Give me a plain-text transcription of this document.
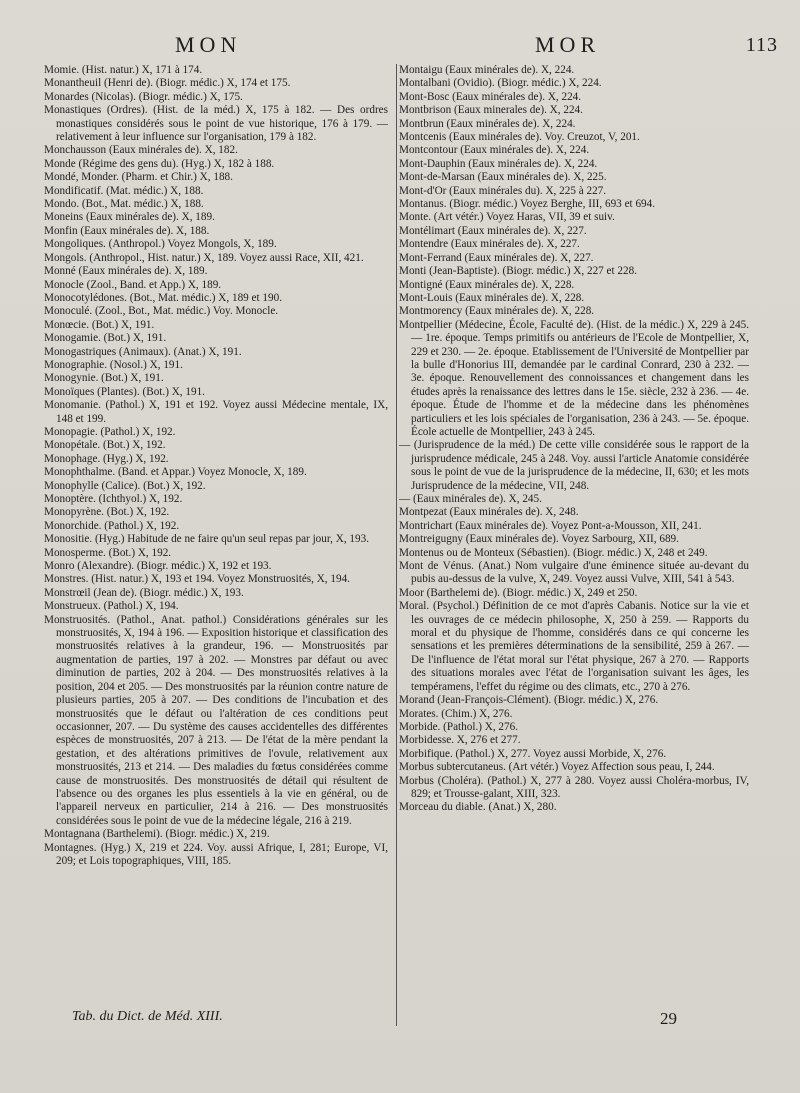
MON	MOR	113

Momie. (Hist. natur.) X, 171 à 174.

Monantheuil (Henri de). (Biogr. médic.) X, 174 et 175.

Monardes (Nicolas). (Biogr. médic.) X, 175.

Monastiques (Ordres). (Hist. de la méd.) X, 175 à 182. — Des ordres monastiques considérés sous le point de vue historique, 176 à 179. — relativement à leur influence sur l'organisation, 179 à 182.

Monchausson (Eaux minérales de). X, 182.

Monde (Régime des gens du). (Hyg.) X, 182 à 188.

Mondé, Monder. (Pharm. et Chir.) X, 188.

Mondificatif. (Mat. médic.) X, 188.

Mondo. (Bot., Mat. médic.) X, 188.

Moneins (Eaux minérales de). X, 189.

Monfin (Eaux minérales de). X, 188.

Mongoliques. (Anthropol.) Voyez Mongols, X, 189.

Mongols. (Anthropol., Hist. natur.) X, 189. Voyez aussi Race, XII, 421.

Monné (Eaux minérales de). X, 189.

Monocle (Zool., Band. et App.) X, 189.

Monocotylédones. (Bot., Mat. médic.) X, 189 et 190.

Monoculé. (Zool., Bot., Mat. médic.) Voy. Monocle.

Monœcie. (Bot.) X, 191.

Monogamie. (Bot.) X, 191.

Monogastriques (Animaux). (Anat.) X, 191.

Monographie. (Nosol.) X, 191.

Monogynie. (Bot.) X, 191.

Monoïques (Plantes). (Bot.) X, 191.

Monomanie. (Pathol.) X, 191 et 192. Voyez aussi Médecine mentale, IX, 148 et 199.

Monopagie. (Pathol.) X, 192.

Monopétale. (Bot.) X, 192.

Monophage. (Hyg.) X, 192.

Monophthalme. (Band. et Appar.) Voyez Monocle, X, 189.

Monophylle (Calice). (Bot.) X, 192.

Monoptère. (Ichthyol.) X, 192.

Monopyrène. (Bot.) X, 192.

Monorchide. (Pathol.) X, 192.

Monositie. (Hyg.) Habitude de ne faire qu'un seul repas par jour, X, 193.

Monosperme. (Bot.) X, 192.

Monro (Alexandre). (Biogr. médic.) X, 192 et 193.

Monstres. (Hist. natur.) X, 193 et 194. Voyez Monstruosités, X, 194.

Monstrœil (Jean de). (Biogr. médic.) X, 193.

Monstrueux. (Pathol.) X, 194.

Monstruosités. (Pathol., Anat. pathol.) Considérations générales sur les monstruosités, X, 194 à 196. — Exposition historique et classification des monstruosités relatives à la grandeur, 196. — Monstruosités par augmentation de parties, 197 à 202. — Monstres par défaut ou avec diminution de parties, 202 à 204. — Des monstruosités relatives à la position, 204 et 205. — Des monstruosités par la réunion contre nature de plusieurs parties, 205 à 207. — Des conditions de l'incubation et des monstruosités que le défaut ou l'altération de ces conditions peut occasionner, 207. — Du système des causes accidentelles des différentes espèces de monstruosités, 207 à 213. — De l'état de la mère pendant la gestation, et des altérations primitives de l'ovule, relativement aux monstruosités, 213 et 214. — Des maladies du fœtus considérées comme cause de monstruosités. Des monstruosités de détail qui résultent de l'absence ou des organes les plus essentiels à la vie en général, ou de l'appareil nerveux en particulier, 214 à 216. — Des monstruosités considérées sous le point de vue de la médecine légale, 216 à 219.

Montagnana (Barthelemi). (Biogr. médic.) X, 219.

Montagnes. (Hyg.) X, 219 et 224. Voy. aussi Afrique, I, 281; Europe, VI, 209; et Lois topographiques, VIII, 185.

Montaigu (Eaux minérales de). X, 224.

Montalbani (Ovidio). (Biogr. médic.) X, 224.

Mont-Bosc (Eaux minérales de). X, 224.

Montbrison (Eaux minerales de). X, 224.

Montbrun (Eaux minérales de). X, 224.

Montcenis (Eaux minérales de). Voy. Creuzot, V, 201.

Montcontour (Eaux minérales de). X, 224.

Mont-Dauphin (Eaux minérales de). X, 224.

Mont-de-Marsan (Eaux minérales de). X, 225.

Mont-d'Or (Eaux minérales du). X, 225 à 227.

Montanus. (Biogr. médic.) Voyez Berghe, III, 693 et 694.

Monte. (Art vétér.) Voyez Haras, VII, 39 et suiv.

Montélimart (Eaux minérales de). X, 227.

Montendre (Eaux minérales de). X, 227.

Mont-Ferrand (Eaux minérales de). X, 227.

Monti (Jean-Baptiste). (Biogr. médic.) X, 227 et 228.

Montigné (Eaux minérales de). X, 228.

Mont-Louis (Eaux minérales de). X, 228.

Montmorency (Eaux minérales de). X, 228.

Montpellier (Médecine, École, Faculté de). (Hist. de la médic.) X, 229 à 245. — 1re. époque. Temps primitifs ou antérieurs de l'Ecole de Montpellier, X, 229 et 230. — 2e. époque. Etablissement de l'Université de Montpellier par la bulle d'Honorius III, demandée par le cardinal Conrard, 230 à 232. — 3e. époque. Renouvellement des connoissances et changement dans les études après la renaissance des lettres dans le 15e. siècle, 232 à 236. — 4e. époque. Étude de l'homme et de la médecine dans les phénomènes particuliers et les lois spéciales de l'organisation, 236 à 243. — 5e. époque. École actuelle de Montpellier, 243 à 245.

— (Jurisprudence de la méd.) De cette ville considérée sous le rapport de la jurisprudence médicale, 245 à 248. Voy. aussi l'article Anatomie considérée sous le point de vue de la jurisprudence de la médecine, II, 630; et les mots Jurisprudence de la médecine, VII, 248.

— (Eaux minérales de). X, 245.

Montpezat (Eaux minérales de). X, 248.

Montrichart (Eaux minérales de). Voyez Pont-a-Mousson, XII, 241.

Montreigugny (Eaux minérales de). Voyez Sarbourg, XII, 689.

Montenus ou de Monteux (Sébastien). (Biogr. médic.) X, 248 et 249.

Mont de Vénus. (Anat.) Nom vulgaire d'une éminence située au-devant du pubis au-dessus de la vulve, X, 249. Voyez aussi Vulve, XIII, 541 à 543.

Moor (Barthelemi de). (Biogr. médic.) X, 249 et 250.

Moral. (Psychol.) Définition de ce mot d'après Cabanis. Notice sur la vie et les ouvrages de ce médecin philosophe, X, 250 à 259. — Rapports du moral et du physique de l'homme, considérés dans ce qui concerne les sensations et les premières déterminations de la sensibilité, 259 à 267. — De l'influence de l'état moral sur l'état physique, 267 à 270. — Rapports des situations morales avec l'état de l'organisation suivant les âges, les tempéramens, l'effet du régime ou des climats, etc., 270 à 276.

Morand (Jean-François-Clément). (Biogr. médic.) X, 276.

Morates. (Chim.) X, 276.

Morbide. (Pathol.) X, 276.

Morbidesse. X, 276 et 277.

Morbifique. (Pathol.) X, 277. Voyez aussi Morbide, X, 276.

Morbus subtercutaneus. (Art vétér.) Voyez Affection sous peau, I, 244.

Morbus (Choléra). (Pathol.) X, 277 à 280. Voyez aussi Choléra-morbus, IV, 829; et Trousse-galant, XIII, 323.

Morceau du diable. (Anat.) X, 280.

Tab. du Dict. de Méd. XIII.	29
